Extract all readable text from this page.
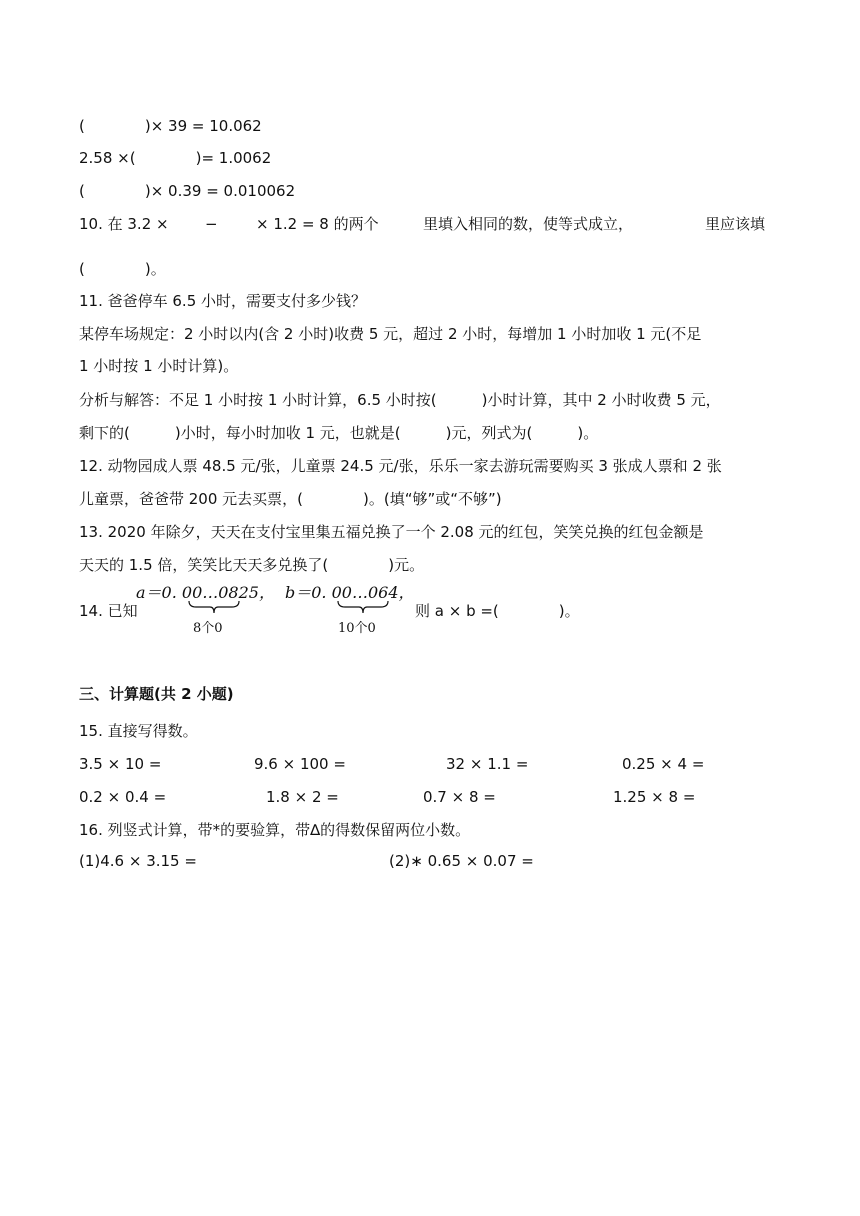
(　　　　)× 39 = 10.062
2.58 ×(　　　　)= 1.0062
(　　　　)× 0.39 = 0.010062
10. 在 3.2 × −	× 1.2 = 8 的两个	里填入相同的数，使等式成立，	里应该填
(　　　　)。
11. 爸爸停车 6.5 小时，需要支付多少钱？
某停车场规定：2 小时以内(含 2 小时)收费 5 元，超过 2 小时，每增加 1 小时加收 1 元(不足
1 小时按 1 小时计算)。
分析与解答：不足 1 小时按 1 小时计算，6.5 小时按(　　　)小时计算，其中 2 小时收费 5 元，
剩下的(　　　)小时，每小时加收 1 元，也就是(　　　)元，列式为(　　　)。
12. 动物园成人票 48.5 元/张，儿童票 24.5 元/张，乐乐一家去游玩需要购买 3 张成人票和 2 张
儿童票，爸爸带 200 元去买票，(　　　　)。(填“够”或“不够”)
13. 2020 年除夕，天天在支付宝里集五福兑换了一个 2.08 元的红包，笑笑兑换的红包金额是
天天的 1.5 倍，笑笑比天天多兑换了(　　　　)元。
14. 已知
a＝0. 00…0825，
8个0
b＝0. 00…064，
10个0
则 a × b =(　　　　)。
三、计算题(共 2 小题)
15. 直接写得数。
3.5 × 10 =	9.6 × 100 =	32 × 1.1 =	0.25 × 4 =
0.2 × 0.4 =	1.8 × 2 =	0.7 × 8 =	1.25 × 8 =
16. 列竖式计算，带*的要验算，带∆的得数保留两位小数。
(1)4.6 × 3.15 =	(2)∗ 0.65 × 0.07 =
